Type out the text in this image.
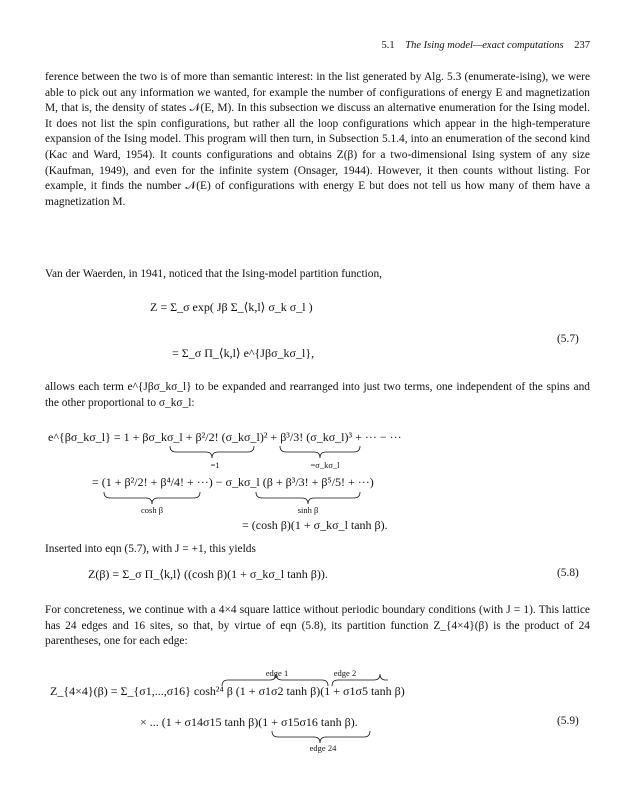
5.1 The Ising model—exact computations 237
ference between the two is of more than semantic interest: in the list generated by Alg. 5.3 (enumerate-ising), we were able to pick out any information we wanted, for example the number of configurations of energy E and magnetization M, that is, the density of states 𝒩(E, M). In this subsection we discuss an alternative enumeration for the Ising model. It does not list the spin configurations, but rather all the loop configurations which appear in the high-temperature expansion of the Ising model. This program will then turn, in Subsection 5.1.4, into an enumeration of the second kind (Kac and Ward, 1954). It counts configurations and obtains Z(β) for a two-dimensional Ising system of any size (Kaufman, 1949), and even for the infinite system (Onsager, 1944). However, it then counts without listing. For example, it finds the number 𝒩(E) of configurations with energy E but does not tell us how many of them have a magnetization M.
Van der Waerden, in 1941, noticed that the Ising-model partition function,
Z = Σ_σ exp( Jβ Σ_⟨k,l⟩ σ_k σ_l )
= Σ_σ Π_⟨k,l⟩ e^{Jβσ_kσ_l},
(5.7)
allows each term e^{Jβσ_kσ_l} to be expanded and rearranged into just two terms, one independent of the spins and the other proportional to σ_kσ_l:
e^{βσ_kσ_l} = 1 + βσ_kσ_l + β²/2! (σ_kσ_l)² + β³/3! (σ_kσ_l)³ + ··· − ···
=1	=σ_kσ_l
= (1 + β²/2! + β⁴/4! + ···) − σ_kσ_l (β + β³/3! + β⁵/5! + ···)
cosh β	sinh β
= (cosh β)(1 + σ_kσ_l tanh β).
Inserted into eqn (5.7), with J = +1, this yields
Z(β) = Σ_σ Π_⟨k,l⟩ ((cosh β)(1 + σ_kσ_l tanh β)).	(5.8)
For concreteness, we continue with a 4×4 square lattice without periodic boundary conditions (with J = 1). This lattice has 24 edges and 16 sites, so that, by virtue of eqn (5.8), its partition function Z_{4×4}(β) is the product of 24 parentheses, one for each edge:
edge 1	edge 2
Z_{4×4}(β) = Σ_{σ1,...,σ16} cosh²⁴ β (1 + σ1σ2 tanh β)(1 + σ1σ5 tanh β)
× ... (1 + σ14σ15 tanh β)(1 + σ15σ16 tanh β).	(5.9)
edge 24
